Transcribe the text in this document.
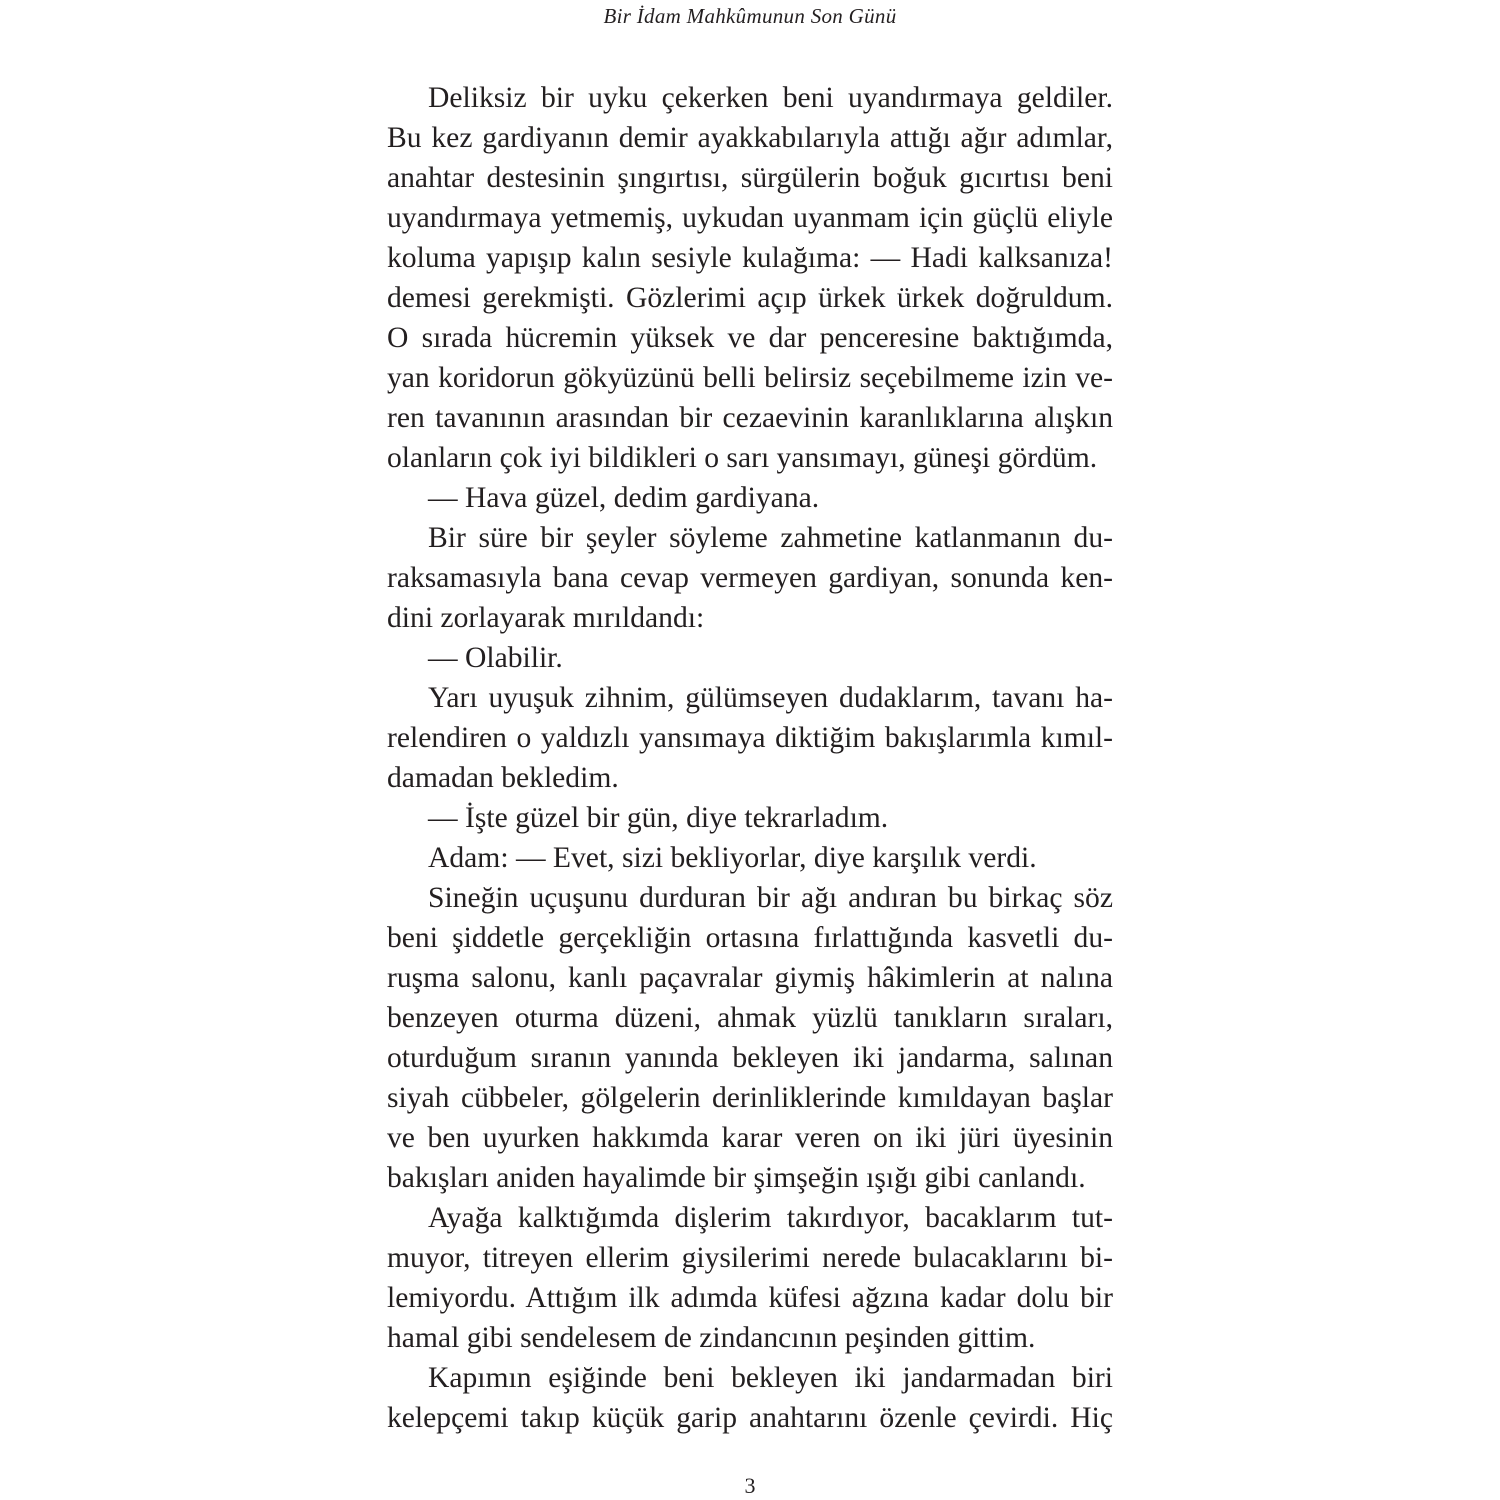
Bir İdam Mahkûmunun Son Günü
Deliksiz bir uyku çekerken beni uyandırmaya geldiler.
Bu kez gardiyanın demir ayakkabılarıyla attığı ağır adımlar,
anahtar destesinin şıngırtısı, sürgülerin boğuk gıcırtısı beni
uyandırmaya yetmemiş, uykudan uyanmam için güçlü eliyle
koluma yapışıp kalın sesiyle kulağıma: — Hadi kalksanıza!
demesi gerekmişti. Gözlerimi açıp ürkek ürkek doğruldum.
O sırada hücremin yüksek ve dar penceresine baktığımda,
yan koridorun gökyüzünü belli belirsiz seçebilmeme izin ve-
ren tavanının arasından bir cezaevinin karanlıklarına alışkın
olanların çok iyi bildikleri o sarı yansımayı, güneşi gördüm.
— Hava güzel, dedim gardiyana.
Bir süre bir şeyler söyleme zahmetine katlanmanın du-
raksamasıyla bana cevap vermeyen gardiyan, sonunda ken-
dini zorlayarak mırıldandı:
— Olabilir.
Yarı uyuşuk zihnim, gülümseyen dudaklarım, tavanı ha-
relendiren o yaldızlı yansımaya diktiğim bakışlarımla kımıl-
damadan bekledim.
— İşte güzel bir gün, diye tekrarladım.
Adam: — Evet, sizi bekliyorlar, diye karşılık verdi.
Sineğin uçuşunu durduran bir ağı andıran bu birkaç söz
beni şiddetle gerçekliğin ortasına fırlattığında kasvetli du-
ruşma salonu, kanlı paçavralar giymiş hâkimlerin at nalına
benzeyen oturma düzeni, ahmak yüzlü tanıkların sıraları,
oturduğum sıranın yanında bekleyen iki jandarma, salınan
siyah cübbeler, gölgelerin derinliklerinde kımıldayan başlar
ve ben uyurken hakkımda karar veren on iki jüri üyesinin
bakışları aniden hayalimde bir şimşeğin ışığı gibi canlandı.
Ayağa kalktığımda dişlerim takırdıyor, bacaklarım tut-
muyor, titreyen ellerim giysilerimi nerede bulacaklarını bi-
lemiyordu. Attığım ilk adımda küfesi ağzına kadar dolu bir
hamal gibi sendelesem de zindancının peşinden gittim.
Kapımın eşiğinde beni bekleyen iki jandarmadan biri
kelepçemi takıp küçük garip anahtarını özenle çevirdi. Hiç
3
